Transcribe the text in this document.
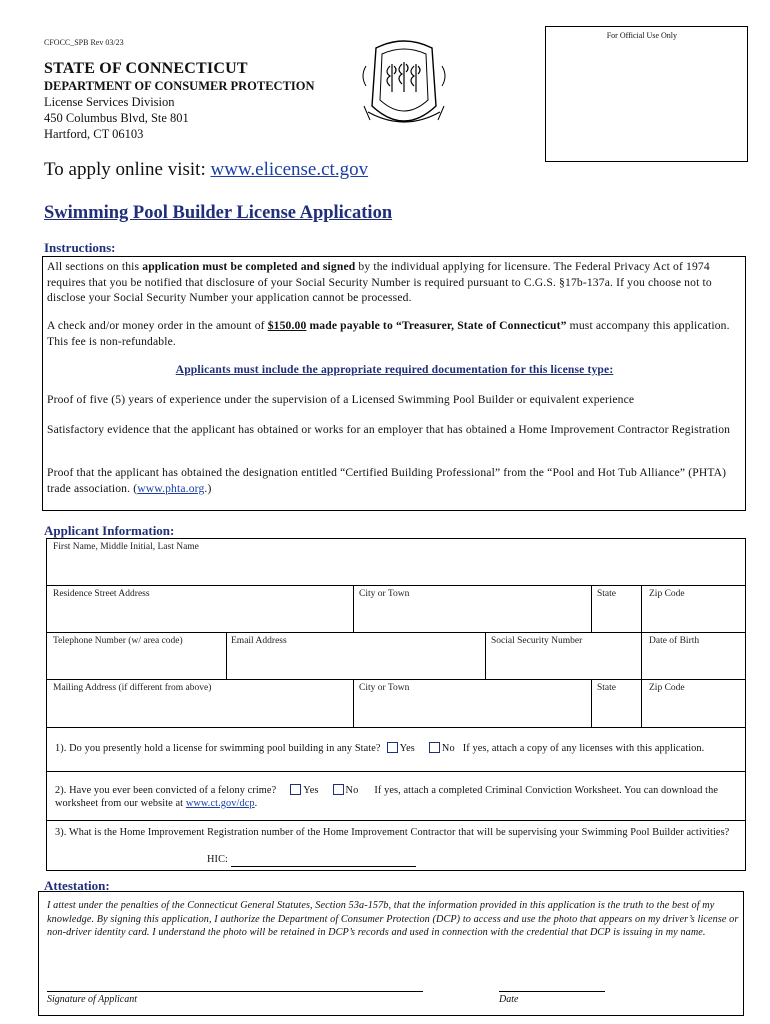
CFOCC_SPB Rev 03/23
For Official Use Only
STATE OF CONNECTICUT
DEPARTMENT OF CONSUMER PROTECTION
License Services Division
450 Columbus Blvd, Ste 801
Hartford, CT 06103
To apply online visit: www.elicense.ct.gov
Swimming Pool Builder License Application
Instructions:
All sections on this application must be completed and signed by the individual applying for licensure. The Federal Privacy Act of 1974 requires that you be notified that disclosure of your Social Security Number is required pursuant to C.G.S. §17b-137a. If you choose not to disclose your Social Security Number your application cannot be processed.
A check and/or money order in the amount of $150.00 made payable to “Treasurer, State of Connecticut” must accompany this application. This fee is non-refundable.
Applicants must include the appropriate required documentation for this license type:
Proof of five (5) years of experience under the supervision of a Licensed Swimming Pool Builder or equivalent experience
Satisfactory evidence that the applicant has obtained or works for an employer that has obtained a Home Improvement Contractor Registration
Proof that the applicant has obtained the designation entitled “Certified Building Professional” from the “Pool and Hot Tub Alliance” (PHTA) trade association. (www.phta.org.)
Applicant Information:
First Name, Middle Initial, Last Name
Residence Street Address	City or Town	State	Zip Code
Telephone Number (w/ area code)	Email Address	Social Security Number	Date of Birth
Mailing Address (if different from above)	City or Town	State	Zip Code
1). Do you presently hold a license for swimming pool building in any State? Yes	No If yes, attach a copy of any licenses with this application.
2). Have you ever been convicted of a felony crime?	Yes	No If yes, attach a completed Criminal Conviction Worksheet. You can download the worksheet from our website at www.ct.gov/dcp.
3). What is the Home Improvement Registration number of the Home Improvement Contractor that will be supervising your Swimming Pool Builder activities?
HIC:
Attestation:
I attest under the penalties of the Connecticut General Statutes, Section 53a-157b, that the information provided in this application is the truth to the best of my knowledge. By signing this application, I authorize the Department of Consumer Protection (DCP) to access and use the photo that appears on my driver’s license or non-driver identity card. I understand the photo will be retained in DCP’s records and used in connection with the credential that DCP is issuing in my name.
Signature of Applicant	Date
